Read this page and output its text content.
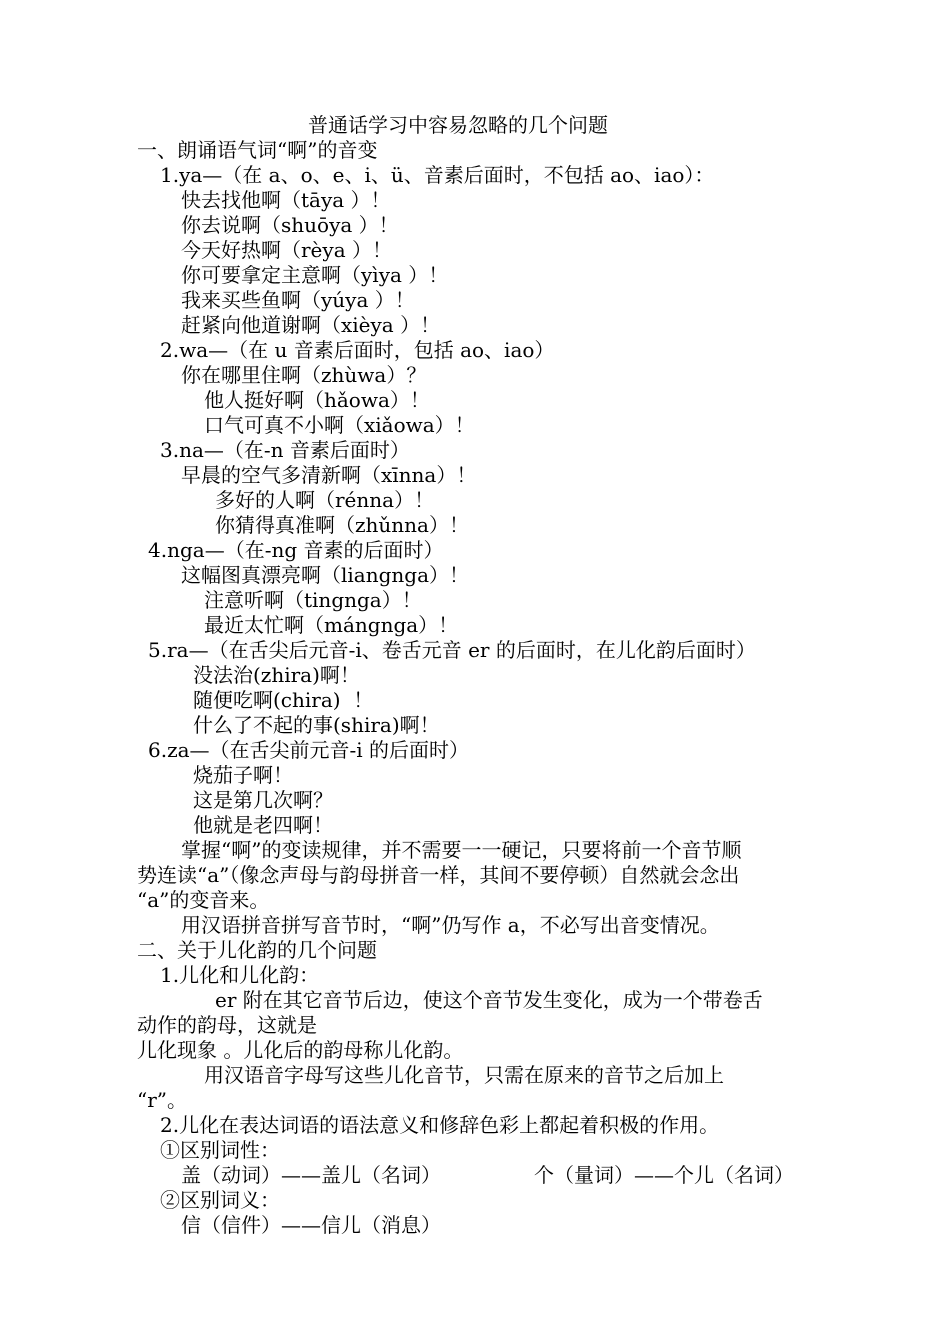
普通话学习中容易忽略的几个问题

一、朗诵语气词“啊”的音变

1.ya—（在 a、o、e、i、ü、音素后面时，不包括 ao、iao）：

快去找他啊（tāya ）！

你去说啊（shuōya ）！

今天好热啊（rèya ）！

你可要拿定主意啊（yìya ）！

我来买些鱼啊（yúya ）！

赶紧向他道谢啊（xièya ）！

2.wa—（在 u 音素后面时，包括 ao、iao）

你在哪里住啊（zhùwa）？

他人挺好啊（hǎowa）！

口气可真不小啊（xiǎowa）！

3.na—（在-n 音素后面时）

早晨的空气多清新啊（xīnna）！

多好的人啊（rénna）！

你猜得真准啊（zhǔnna）！

4.nga—（在-ng 音素的后面时）

这幅图真漂亮啊（liangnga）！

注意听啊（tingnga）！

最近太忙啊（mángnga）！

5.ra—（在舌尖后元音-i、卷舌元音 er 的后面时，在儿化韵后面时）

没法治(zhira)啊！

随便吃啊(chira)  ！

什么了不起的事(shira)啊！

6.za—（在舌尖前元音-i 的后面时）

烧茄子啊！

这是第几次啊？

他就是老四啊！

掌握“啊”的变读规律，并不需要一一硬记，只要将前一个音节顺

势连读“a”（像念声母与韵母拼音一样，其间不要停顿）自然就会念出

“a”的变音来。

用汉语拼音拼写音节时，“啊”仍写作 a，不必写出音变情况。

二、关于儿化韵的几个问题

1.儿化和儿化韵：

er 附在其它音节后边，使这个音节发生变化，成为一个带卷舌

动作的韵母，这就是

儿化现象 。儿化后的韵母称儿化韵。

用汉语音字母写这些儿化音节，只需在原来的音节之后加上

“r”。

2.儿化在表达词语的语法意义和修辞色彩上都起着积极的作用。

①区别词性：

盖（动词）——盖儿（名词）	个（量词）——个儿（名词）

②区别词义：

信（信件）——信儿（消息）
